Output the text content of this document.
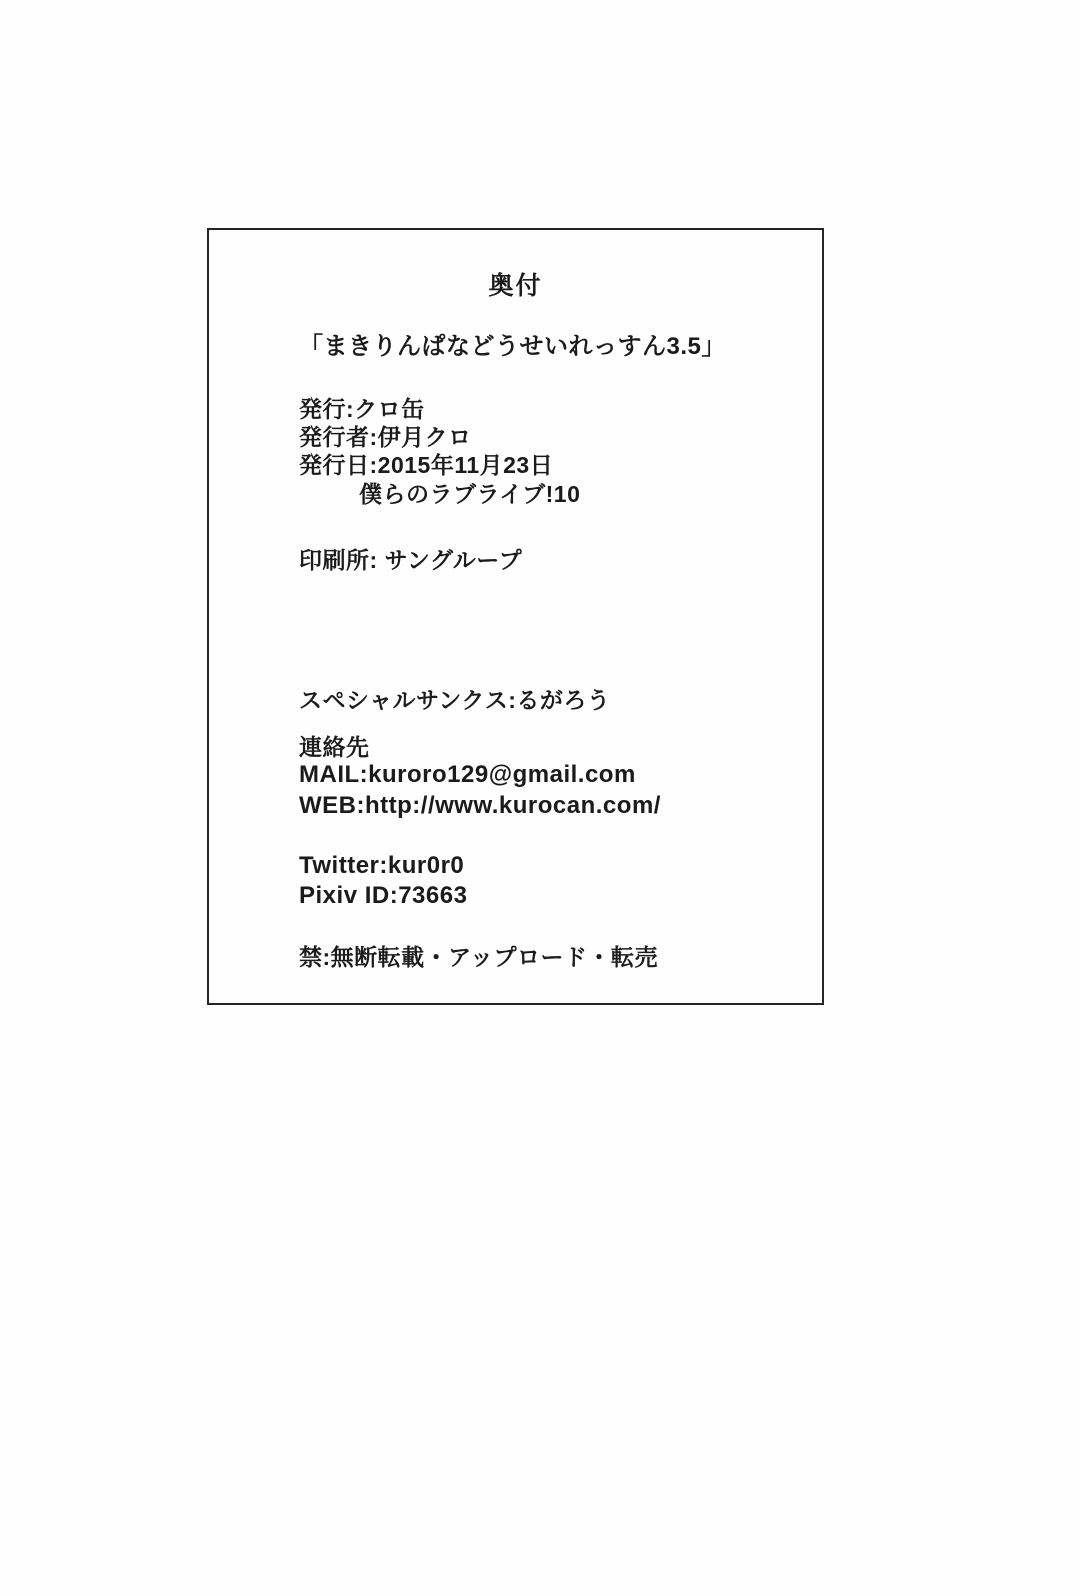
奥付
「まきりんぱなどうせいれっすん3.5」
発行:クロ缶
発行者:伊月クロ
発行日:2015年11月23日
僕らのラブライブ!10
印刷所: サングループ
スペシャルサンクス:るがろう
連絡先
MAIL:kuroro129@gmail.com
WEB:http://www.kurocan.com/
Twitter:kur0r0
Pixiv ID:73663
禁:無断転載・アップロード・転売
